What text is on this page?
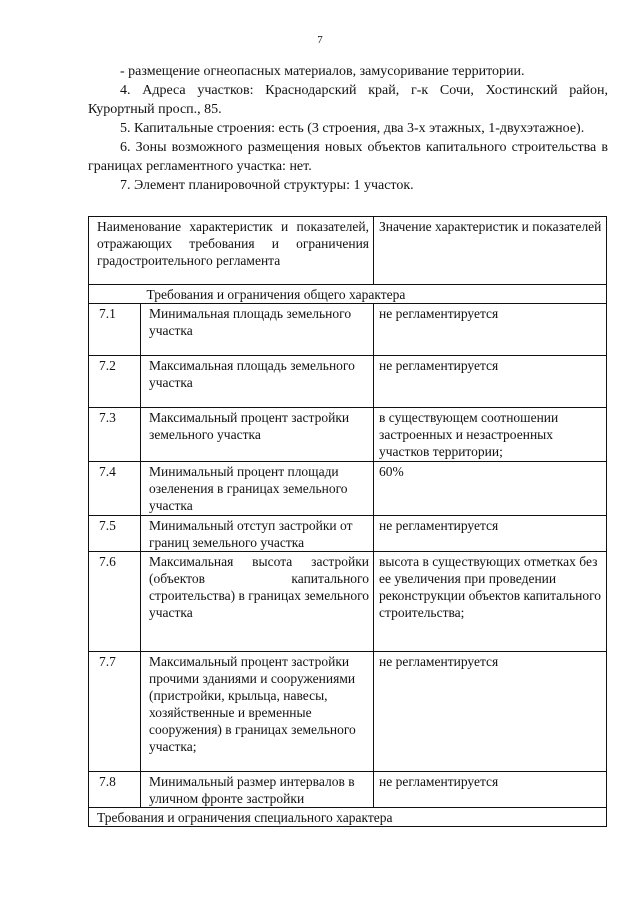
7

- размещение огнеопасных материалов, замусоривание территории.

4. Адреса участков: Краснодарский край, г-к Сочи, Хостинский район, Курортный просп., 85.

5. Капитальные строения: есть (3 строения, два 3-х этажных, 1-двухэтажное).

6. Зоны возможного размещения новых объектов капитального строительства в границах регламентного участка: нет.

7. Элемент планировочной структуры: 1 участок.

Наименование характеристик и показателей, отражающих требования и ограничения градостроительного регламента		Значение характеристик и показателей
	Требования и ограничения общего характера	
7.1	Минимальная площадь земельного участка	не регламентируется
7.2	Максимальная площадь земельного участка	не регламентируется
7.3	Максимальный процент застройки земельного участка	в существующем соотношении застроенных и незастроенных участков территории;
7.4	Минимальный процент площади озеленения в границах земельного участка	60%
7.5	Минимальный отступ застройки от границ земельного участка	не регламентируется
7.6	Максимальная высота застройки (объектов капитального строительства) в границах земельного участка	высота в существующих отметках без ее увеличения при проведении реконструкции объектов капитального строительства;
7.7	Максимальный процент застройки прочими зданиями и сооружениями (пристройки, крыльца, навесы, хозяйственные и временные сооружения) в границах земельного участка;	не регламентируется
7.8	Минимальный размер интервалов в уличном фронте застройки	не регламентируется
Требования и ограничения специального характера		
